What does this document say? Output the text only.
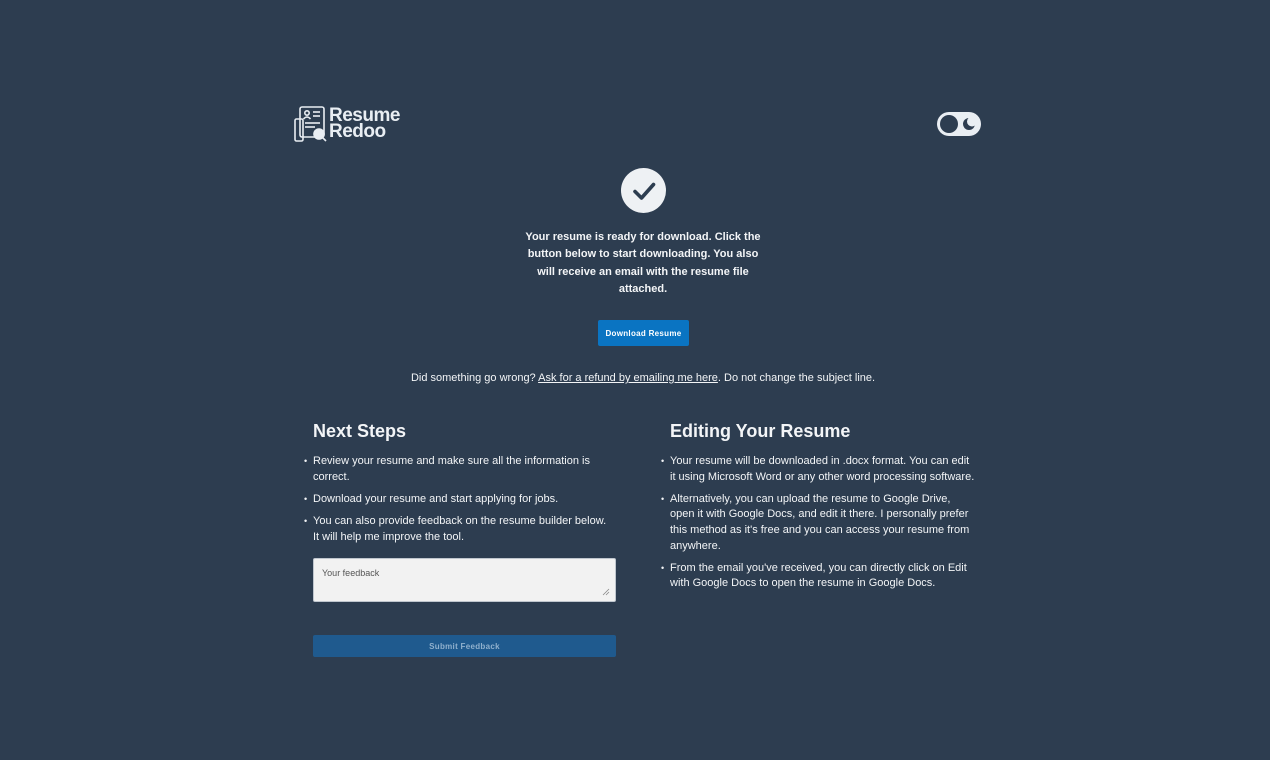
Resume
Redoo
Your resume is ready for download. Click the button below to start downloading. You also will receive an email with the resume file attached.
Download Resume
Did something go wrong? Ask for a refund by emailing me here. Do not change the subject line.
Next Steps
• Review your resume and make sure all the information is correct.
• Download your resume and start applying for jobs.
• You can also provide feedback on the resume builder below. It will help me improve the tool.
Your feedback
Submit Feedback
Editing Your Resume
• Your resume will be downloaded in .docx format. You can edit it using Microsoft Word or any other word processing software.
• Alternatively, you can upload the resume to Google Drive, open it with Google Docs, and edit it there. I personally prefer this method as it's free and you can access your resume from anywhere.
• From the email you've received, you can directly click on Edit with Google Docs to open the resume in Google Docs.
